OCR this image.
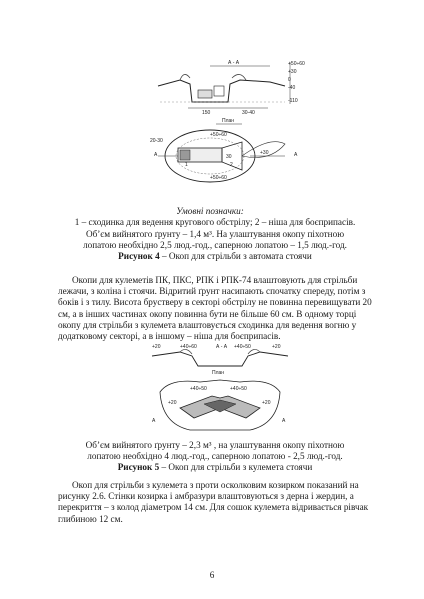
А - А	+50÷60
+30
0
-40
-110
150	30-40
План
+50÷60
+30
+50÷60
А	А
20-30
30
1	2
Умовні позначки:
1 – сходинка для ведення кругового обстрілу; 2 – ніша для боєприпасів.
Об’єм вийнятого ґрунту – 1,4 м³. На улаштування окопу піхотною
лопатою необхідно 2,5 люд.-год., саперною лопатою – 1,5 люд.-год.
Рисунок 4 – Окоп для стрільби з автомата стоячи
Окопи для кулеметів ПК, ПКС, РПК і РПК-74 влаштовують для стрільби
лежачи, з коліна і стоячи. Відритий ґрунт насипають спочатку спереду, потім з
боків і з тилу. Висота брустверу в секторі обстрілу не повинна перевищувати 20
см, а в інших частинах окопу повинна бути не більше 60 см. В одному торці
окопу для стрільби з кулемета влаштовується сходинка для ведення вогню у
додатковому секторі, а в іншому – ніша для боєприпасів.
+20	+40÷60	А - А +40÷50	+20
План
+40÷50	+40÷50
+20	+20
А	А
Об’єм вийнятого ґрунту – 2,3 м³ , на улаштування окопу піхотною
лопатою необхідно 4 люд.-год., саперною лопатою - 2,5 люд.-год.
Рисунок 5 – Окоп для стрільби з кулемета стоячи
Окоп для стрільби з кулемета з проти осколковим козирком показаний на
рисунку 2.6. Стінки козирка і амбразури влаштовуються з дерна і жердин, а
перекриття – з колод діаметром 14 см. Для сошок кулемета відривається рівчак
глибиною 12 см.
6
